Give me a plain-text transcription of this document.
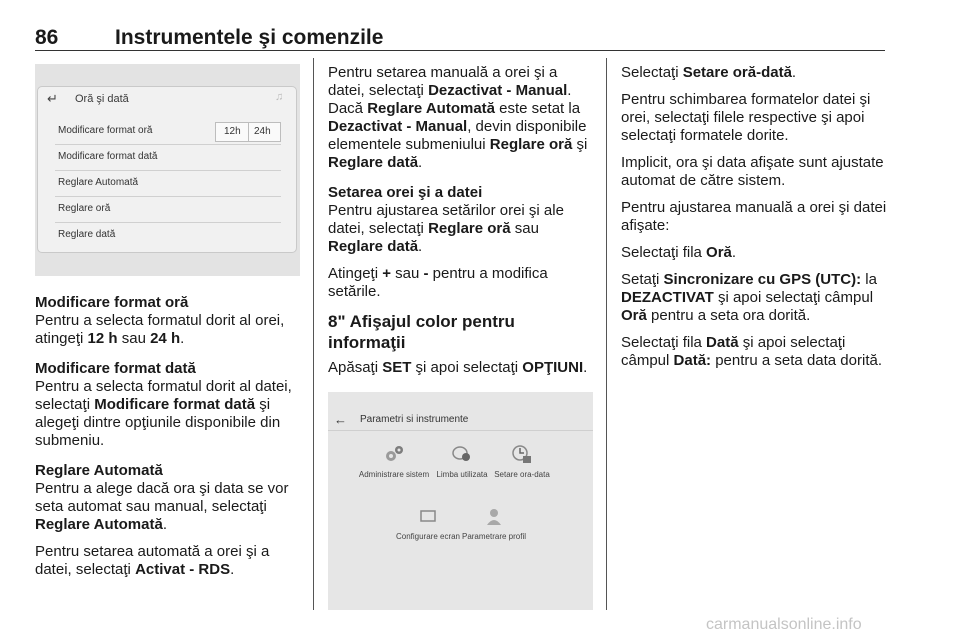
86	Instrumentele şi comenzile
↵ Oră şi dată	♫
Modificare format oră	12h 24h
Modificare format dată
Reglare Automată
Reglare oră
Reglare dată
Modificare format oră

Pentru a selecta formatul dorit al orei, atingeţi 12 h sau 24 h.

Modificare format dată

Pentru a selecta formatul dorit al datei, selectaţi Modificare format dată şi alegeţi dintre opţiunile disponibile din submeniu.

Reglare Automată

Pentru a alege dacă ora şi data se vor seta automat sau manual, selectaţi Reglare Automată.

Pentru setarea automată a orei şi a datei, selectaţi Activat - RDS.

Pentru setarea manuală a orei şi a datei, selectaţi Dezactivat - Manual. Dacă Reglare Automată este setat la Dezactivat - Manual, devin disponibile elementele submeniului Reglare oră şi Reglare dată.

Setarea orei şi a datei

Pentru ajustarea setărilor orei şi ale datei, selectaţi Reglare oră sau Reglare dată.

Atingeţi + sau - pentru a modifica setările.

8" Afişajul color pentru informaţii

Apăsaţi SET şi apoi selectaţi OPŢIUNI.

← Parametri si instrumente
Administrare sistem Limba utilizata Setare ora-data
Configurare ecran Parametrare profil

Selectaţi Setare oră-dată.

Pentru schimbarea formatelor datei şi orei, selectaţi filele respective şi apoi selectaţi formatele dorite.

Implicit, ora şi data afişate sunt ajustate automat de către sistem.

Pentru ajustarea manuală a orei şi datei afişate:

Selectaţi fila Oră.

Setaţi Sincronizare cu GPS (UTC): la DEZACTIVAT şi apoi selectaţi câmpul Oră pentru a seta ora dorită.

Selectaţi fila Dată şi apoi selectaţi câmpul Dată: pentru a seta data dorită.

carmanualsonline.info
